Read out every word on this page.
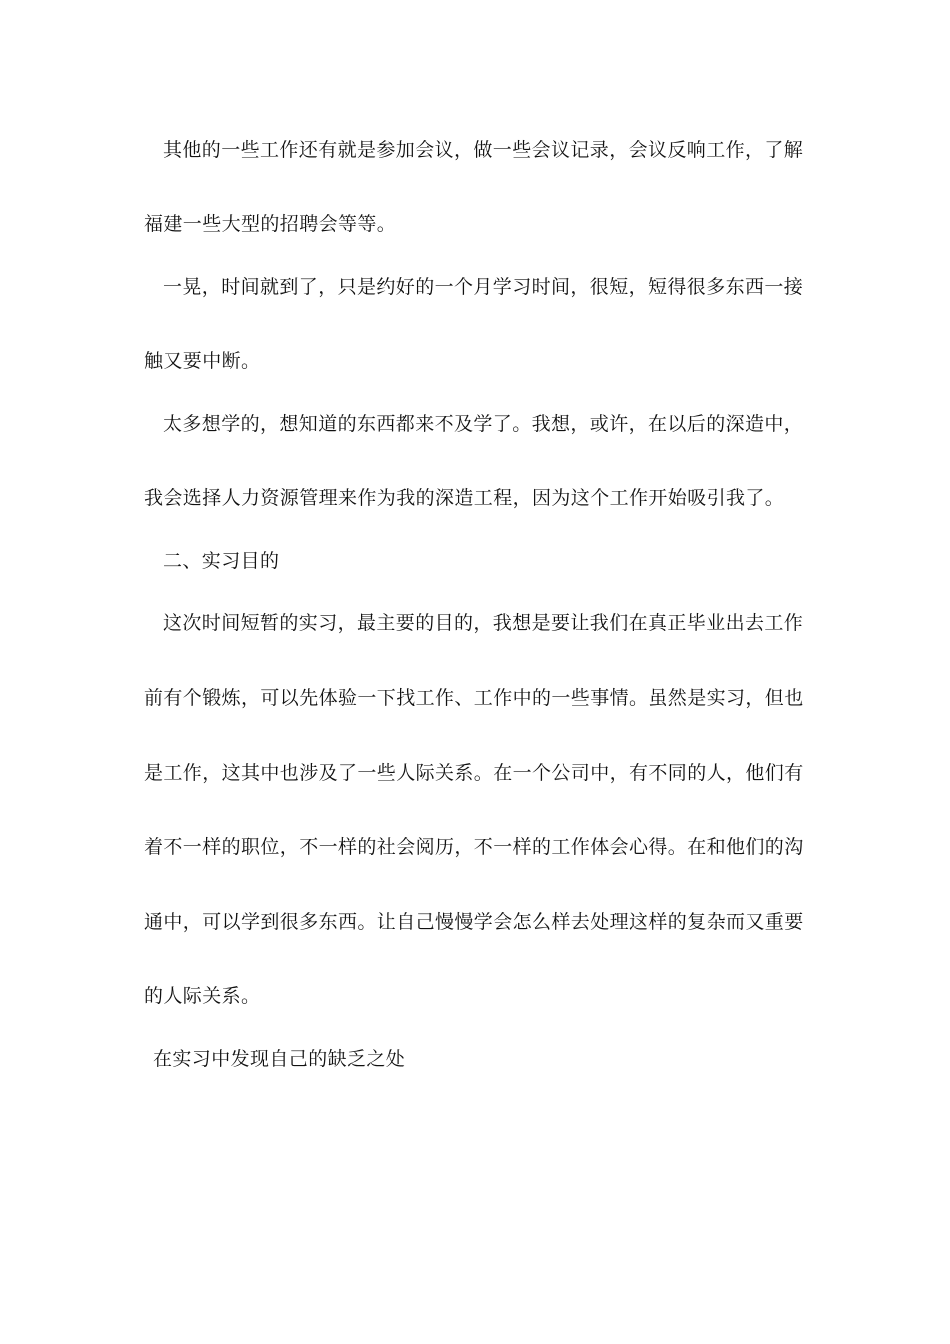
其他的一些工作还有就是参加会议，做一些会议记录，会议反响工作，了解
福建一些大型的招聘会等等。
一晃，时间就到了，只是约好的一个月学习时间，很短，短得很多东西一接
触又要中断。
太多想学的，想知道的东西都来不及学了。我想，或许，在以后的深造中，
我会选择人力资源管理来作为我的深造工程，因为这个工作开始吸引我了。
二、实习目的
这次时间短暂的实习，最主要的目的，我想是要让我们在真正毕业出去工作
前有个锻炼，可以先体验一下找工作、工作中的一些事情。虽然是实习，但也
是工作，这其中也涉及了一些人际关系。在一个公司中，有不同的人，他们有
着不一样的职位，不一样的社会阅历，不一样的工作体会心得。在和他们的沟
通中，可以学到很多东西。让自己慢慢学会怎么样去处理这样的复杂而又重要
的人际关系。
在实习中发现自己的缺乏之处
